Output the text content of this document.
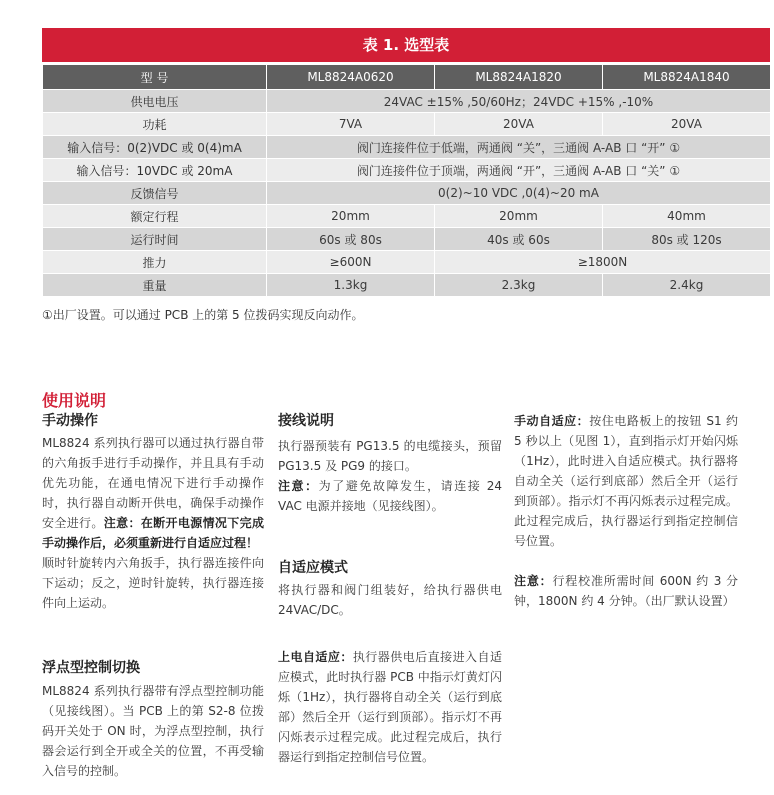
表 1. 选型表
型 号	ML8824A0620	ML8824A1820	ML8824A1840
供电电压	24VAC ±15% ,50/60Hz；24VDC +15% ,-10%		
功耗	7VA	20VA	20VA
输入信号：0(2)VDC 或 0(4)mA	阀门连接件位于低端，两通阀 “关”，三通阀 A-AB 口 “开” ①		
输入信号：10VDC 或 20mA	阀门连接件位于顶端，两通阀 “开”，三通阀 A-AB 口 “关” ①		
反馈信号	0(2)~10 VDC ,0(4)~20 mA		
额定行程	20mm	20mm	40mm
运行时间	60s 或 80s	40s 或 60s	80s 或 120s
推力	≥600N	≥1800N	
重量	1.3kg	2.3kg	2.4kg
①出厂设置。可以通过 PCB 上的第 5 位拨码实现反向动作。
使用说明
手动操作
ML8824 系列执行器可以通过执行器自带的六角扳手进行手动操作，并且具有手动优先功能，在通电情况下进行手动操作时，执行器自动断开供电，确保手动操作安全进行。注意：在断开电源情况下完成手动操作后，必须重新进行自适应过程！
顺时针旋转内六角扳手，执行器连接件向下运动；反之，逆时针旋转，执行器连接件向上运动。
浮点型控制切换
ML8824 系列执行器带有浮点型控制功能（见接线图）。当 PCB 上的第 S2-8 位拨码开关处于 ON 时，为浮点型控制，执行器会运行到全开或全关的位置，不再受输入信号的控制。
接线说明
执行器预装有 PG13.5 的电缆接头，预留 PG13.5 及 PG9 的接口。
注意：为了避免故障发生，请连接 24 VAC 电源并接地（见接线图）。
自适应模式
将执行器和阀门组装好，给执行器供电 24VAC/DC。
上电自适应：执行器供电后直接进入自适应模式，此时执行器 PCB 中指示灯黄灯闪烁（1Hz），执行器将自动全关（运行到底部）然后全开（运行到顶部）。指示灯不再闪烁表示过程完成。此过程完成后，执行器运行到指定控制信号位置。
手动自适应：按住电路板上的按钮 S1 约 5 秒以上（见图 1），直到指示灯开始闪烁（1Hz），此时进入自适应模式。执行器将自动全关（运行到底部）然后全开（运行到顶部）。指示灯不再闪烁表示过程完成。此过程完成后，执行器运行到指定控制信号位置。
注意：行程校准所需时间 600N 约 3 分钟，1800N 约 4 分钟。（出厂默认设置）
